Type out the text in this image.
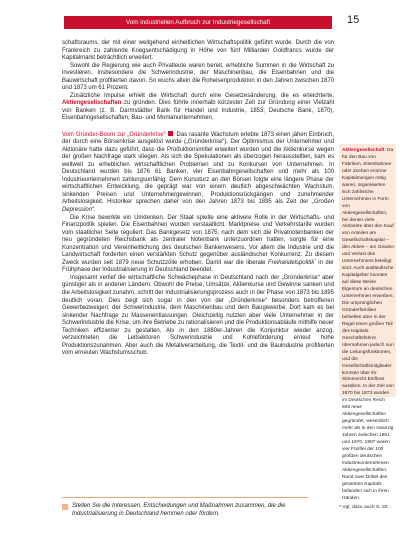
Vom industriellen Aufbruch zur Industriegesellschaft	15

schaftsraums, der mit einer weitgehend einheitlichen Wirtschaftspolitik geführt wurde. Durch die von Frankreich zu zahlende Kriegsentschädigung in Höhe von fünf Milliarden Goldfrancs wurde der Kapitalmarkt beträchtlich erweitert.

Sowohl die Regierung wie auch Privatleute waren bereit, erhebliche Summen in die Wirtschaft zu investieren. Insbesondere die Schwerindustrie, der Maschinenbau, die Eisenbahnen und die Bauwirtschaft profitierten davon. So wuchs allein die Roheisenproduktion in den Jahren zwischen 1870 und 1873 um 61 Prozent.

Zusätzliche Impulse erhielt die Wirtschaft durch eine Gesetzesänderung, die es erleichterte, Aktiengesellschaften zu gründen. Dies führte innerhalb kürzester Zeit zur Gründung einer Vielzahl von Banken (z. B. Darmstädter Bank für Handel und Industrie, 1853; Deutsche Bank, 1870), Eisenbahngesellschaften, Bau- und Montanunternehmen.

Vom Gründer-Boom zur „Gründerkrise“ Das rasante Wachstum erlebte 1873 einen jähen Einbruch, der durch eine Börsenkrise ausgelöst wurde („Gründerkrise“). Der Optimismus der Unternehmer und Aktionäre hatte dazu geführt, dass die Produktionsmittel erweitert wurden und die Aktienkurse wegen der großen Nachfrage stark stiegen. Als sich die Spekulationen als überzogen herausstellten, kam es weltweit zu erheblichen wirtschaftlichen Problemen und zu Konkursen von Unternehmen. In Deutschland wurden bis 1876 61 Banken, vier Eisenbahngesellschaften und mehr als 100 Industrieunternehmen zahlungsunfähig. Dem Kurssturz an den Börsen folgte eine längere Phase der wirtschaftlichen Entwicklung, die geprägt war von einem deutlich abgeschwächten Wachstum, sinkenden Preisen und Unternehmergewinnen, Produktionsrückgängen und zunehmender Arbeitslosigkeit. Historiker sprechen daher von den Jahren 1873 bis 1895 als Zeit der „Großen Depression“.

Die Krise bewirkte ein Umdenken. Der Staat spielte eine aktivere Rolle in der Wirtschafts- und Finanzpolitik spielen. Die Eisenbahnen wurden verstaatlicht. Marktpreise und Verkehrstarife wurden vom staatlicher Seite reguliert. Das Bankgesetz von 1875, nach dem sich die Privatnotenbanken der neu gegründeten Reichsbank als zentraler Notenbank unterzuordnen hatten, sorgte für eine Konzentration und Vereinheitlichung des deutschen Bankenwesens. Vor allem die Industrie und die Landwirtschaft forderten einen verstärkten Schutz gegenüber ausländischer Konkurrenz. Zu diesem Zweck wurden seit 1879 neue Schutzzölle erhoben. Damit war die liberale Freihandelspolitik* in der Frühphase der Industrialisierung in Deutschland beendet.

Insgesamt verlief die wirtschaftliche Schwächephase in Deutschland nach der „Gründerkrise“ aber günstiger als in anderen Ländern. Obwohl die Preise, Umsätze, Aktienkurse und Gewinne sanken und die Arbeitslosigkeit zunahm, schritt der Industrialisierungsprozess auch in der Phase von 1873 bis 1895 deutlich voran. Dies zeigt sich sogar in den von der „Gründerkrise“ besonders betroffenen Gewerbezweigen: der Schwerindustrie, dem Maschinenbau und dem Baugewerbe. Dort kam es bei sinkender Nachfrage zu Massenentlassungen. Gleichzeitig nutzten aber viele Unternehmer in der Schwerindustrie die Krise, um ihre Betriebe zu rationalisieren und die Produktionsabläufe mithilfe neuer Techniken effizienter zu gestalten. Als in den 1880er-Jahren die Konjunktur wieder anzog, verzeichneten die Leitsektoren Schwerindustrie und Kohleförderung erneut hohe Produktionszunahmen. Aber auch die Metallverarbeitung, die Textil- und die Bauindustrie profitierten vom erneuten Wachstumsschub.

Aktiengesellschaft: Da für den Bau von Fabriken, Eisenbahnen oder Zechen enorme Kapitalmengen nötig waren, organisierten sich zahlreiche Unternehmen in Form von Aktiengesellschaften, bei denen viele Aktionäre über den Kauf von Anteilen am Gesellschaftskapital – den Aktien – am Gewinn und Verlust des Unternehmens beteiligt sind. Auch ausländische Kapitalgeber konnten auf diese Weise Eigentum an deutschen Unternehmen erwerben. Die ursprünglichen Gründerfamilien behielten aber in der Regel einen großen Teil des Kapitals. Geschäftsführer übernahmen jedoch nun die Leitungsfunktionen, und die Gesellschaftsmitglieder konnten über ihr Stimmrecht Einfluss ausüben. In der Zeit von 1870 bis 1873 wurden im Deutschen Reich 928 neue Aktiengesellschaften gegründet, wesentlich mehr als in den zwanzig Jahren zwischen 1851 und 1870. 1907 waren vier Fünftel der 100 größten deutschen Industrieunternehmen Aktiengesellschaften. Rund zwei Drittel des gesamten Kapitals befanden sich in ihren Händen.
Stellen Sie die Interessen, Entscheidungen und Maßnahmen zusammen, die die Industrialisierung in Deutschland hemmen oder fördern.
* Vgl. dazu auch S. 20.
